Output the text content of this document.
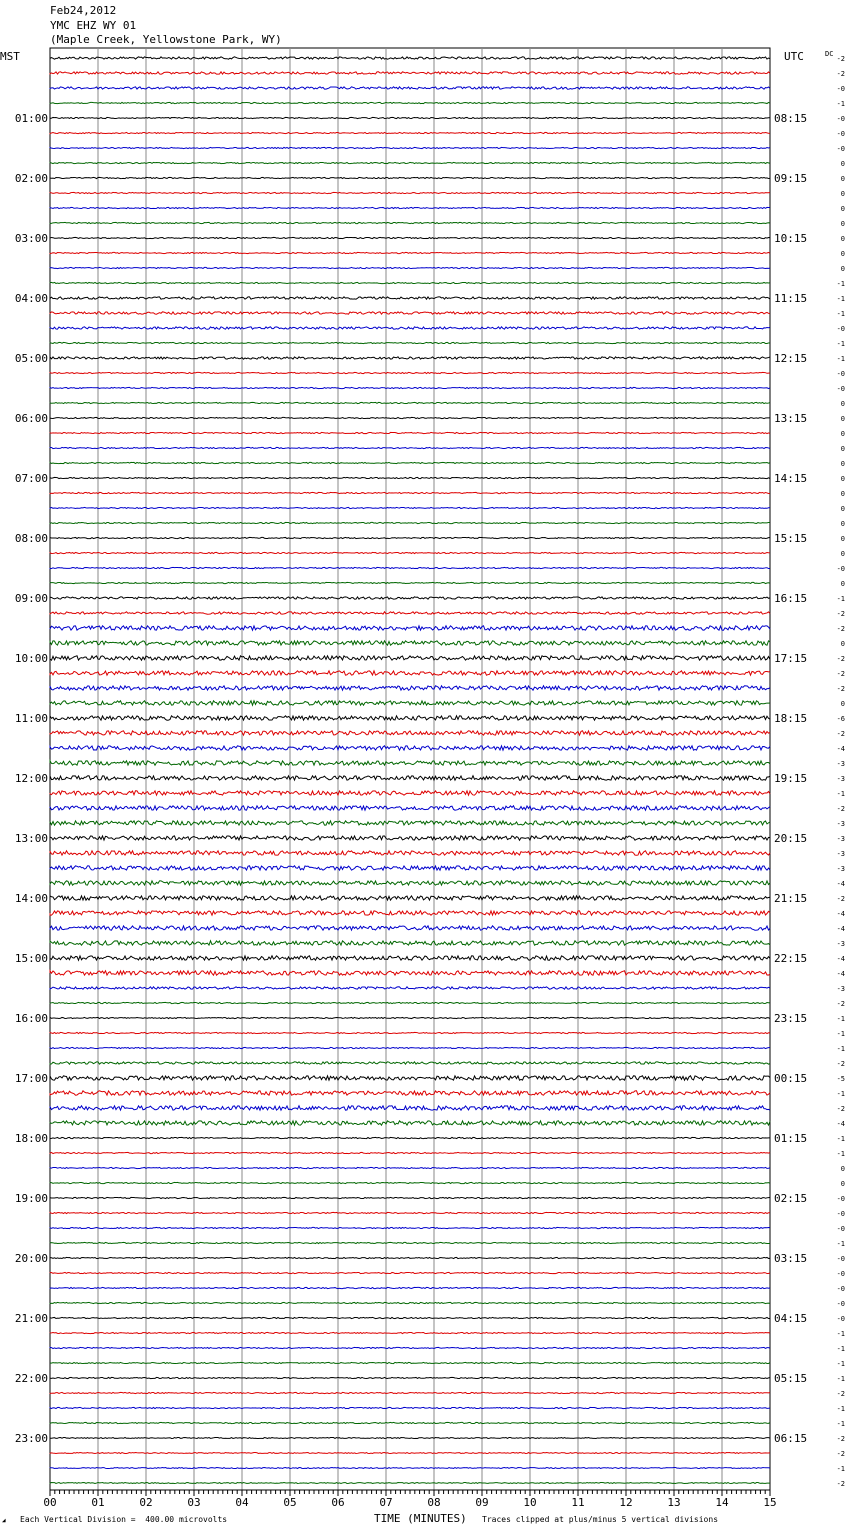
Feb24,2012
YMC EHZ WY 01
(Maple Creek, Yellowstone Park, WY)
00	01	02	03	04	05	06	07	08	09	10	11	12	13	14	15
01:00
02:00
03:00
04:00
05:00
06:00
07:00
08:00
09:00
10:00
11:00
12:00
13:00
14:00
15:00
16:00
17:00
18:00
19:00
20:00
21:00
22:00
23:00
08:15
09:15
10:15
11:15
12:15
13:15
14:15
15:15
16:15
17:15
18:15
19:15
20:15
21:15
22:15
23:15
00:15
01:15
02:15
03:15
04:15
05:15
06:15
-2
-2
-0
-1
-0
-0
-0
0
0
0
0
0
0
0
0
-1
-1
-1
-0
-1
-1
-0
-0
0
0
0
0
0
0
0
0
0
0
0
-0
0
-1
-2
-2
0
-2
-2
-2
0
-6
-2
-4
-3
-3
-1
-2
-3
-3
-3
-3
-4
-2
-4
-4
-3
-4
-4
-3
-2
-1
-1
-1
-2
-5
-1
-2
-4
-1
-1
0
0
-0
-0
-0
-1
-0
-0
-0
-0
-0
-1
-1
-1
-1
-2
-1
-1
-2
-2
-1
-2
MST	UTC	DC
◢ Each Vertical Division =  400.00 microvolts	TIME (MINUTES) Traces clipped at plus/minus 5 vertical divisions
